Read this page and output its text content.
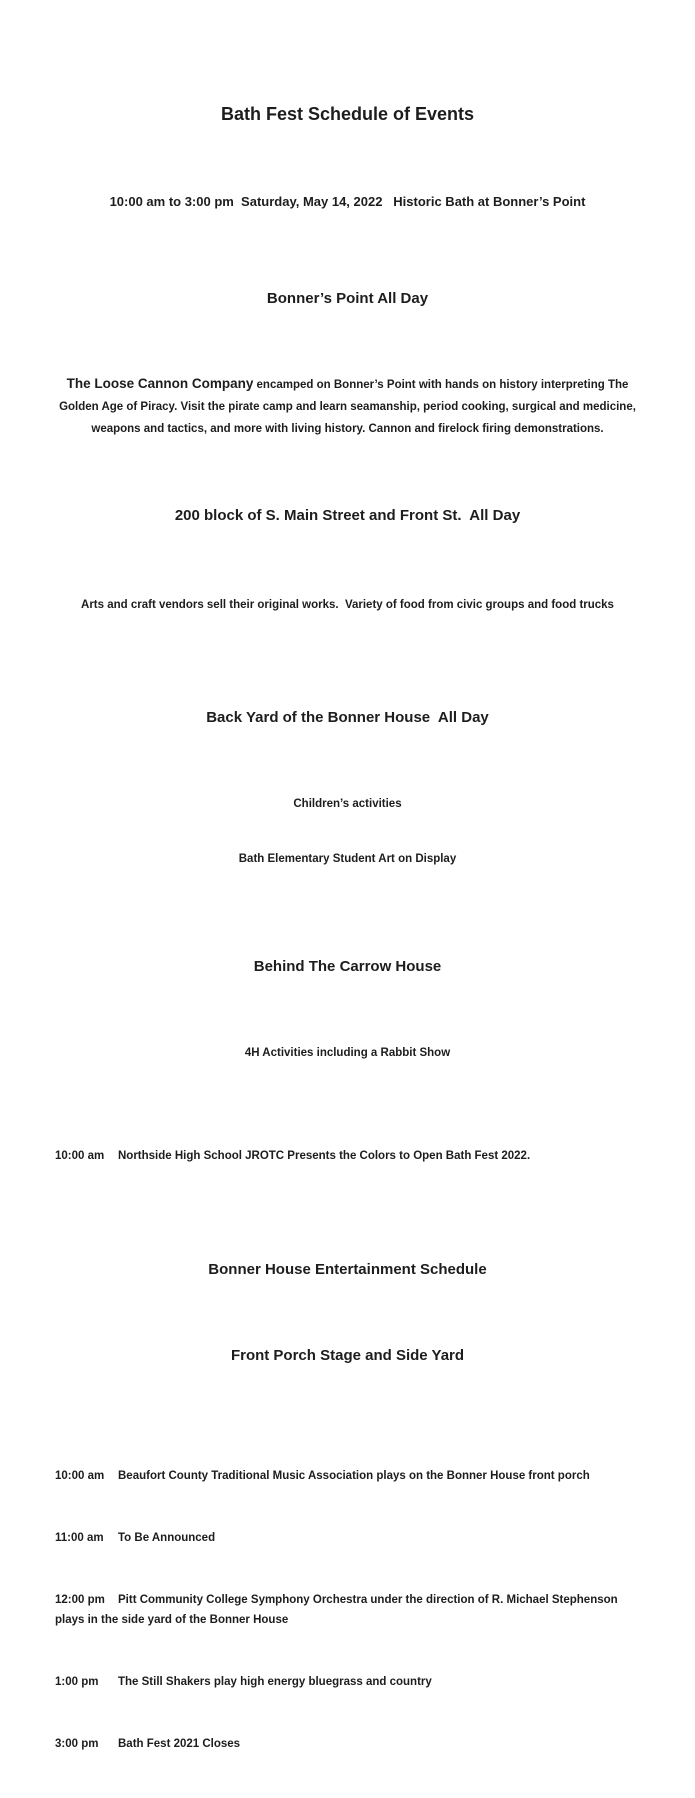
Bath Fest Schedule of Events

10:00 am to 3:00 pm  Saturday, May 14, 2022   Historic Bath at Bonner’s Point

Bonner’s Point All Day

The Loose Cannon Company encamped on Bonner’s Point with hands on history interpreting The
Golden Age of Piracy. Visit the pirate camp and learn seamanship, period cooking, surgical and medicine,
weapons and tactics, and more with living history. Cannon and firelock firing demonstrations.

200 block of S. Main Street and Front St.  All Day

Arts and craft vendors sell their original works.  Variety of food from civic groups and food trucks

Back Yard of the Bonner House  All Day

Children’s activities

Bath Elementary Student Art on Display

Behind The Carrow House

4H Activities including a Rabbit Show

10:00 am Northside High School JROTC Presents the Colors to Open Bath Fest 2022.

Bonner House Entertainment Schedule

Front Porch Stage and Side Yard

10:00 am Beaufort County Traditional Music Association plays on the Bonner House front porch

11:00 am To Be Announced

12:00 pm Pitt Community College Symphony Orchestra under the direction of R. Michael Stephenson
plays in the side yard of the Bonner House

1:00 pm The Still Shakers play high energy bluegrass and country

3:00 pm Bath Fest 2021 Closes
